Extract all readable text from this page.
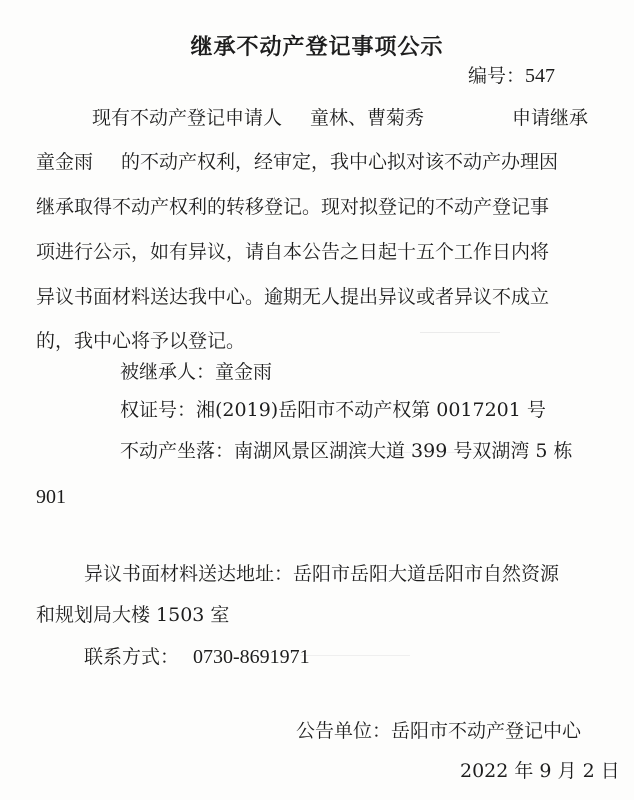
继承不动产登记事项公示
编号：547
现有不动产登记申请人 童林、曹菊秀	申请继承
童金雨 的不动产权利，经审定，我中心拟对该不动产办理因
继承取得不动产权利的转移登记。现对拟登记的不动产登记事
项进行公示，如有异议，请自本公告之日起十五个工作日内将
异议书面材料送达我中心。逾期无人提出异议或者异议不成立
的，我中心将予以登记。
被继承人：童金雨
权证号：湘(2019)岳阳市不动产权第 0017201 号
不动产坐落：南湖风景区湖滨大道 399 号双湖湾 5 栋
901
异议书面材料送达地址：岳阳市岳阳大道岳阳市自然资源
和规划局大楼 1503 室
联系方式： 0730-8691971
公告单位：岳阳市不动产登记中心
2022 年 9 月 2 日
